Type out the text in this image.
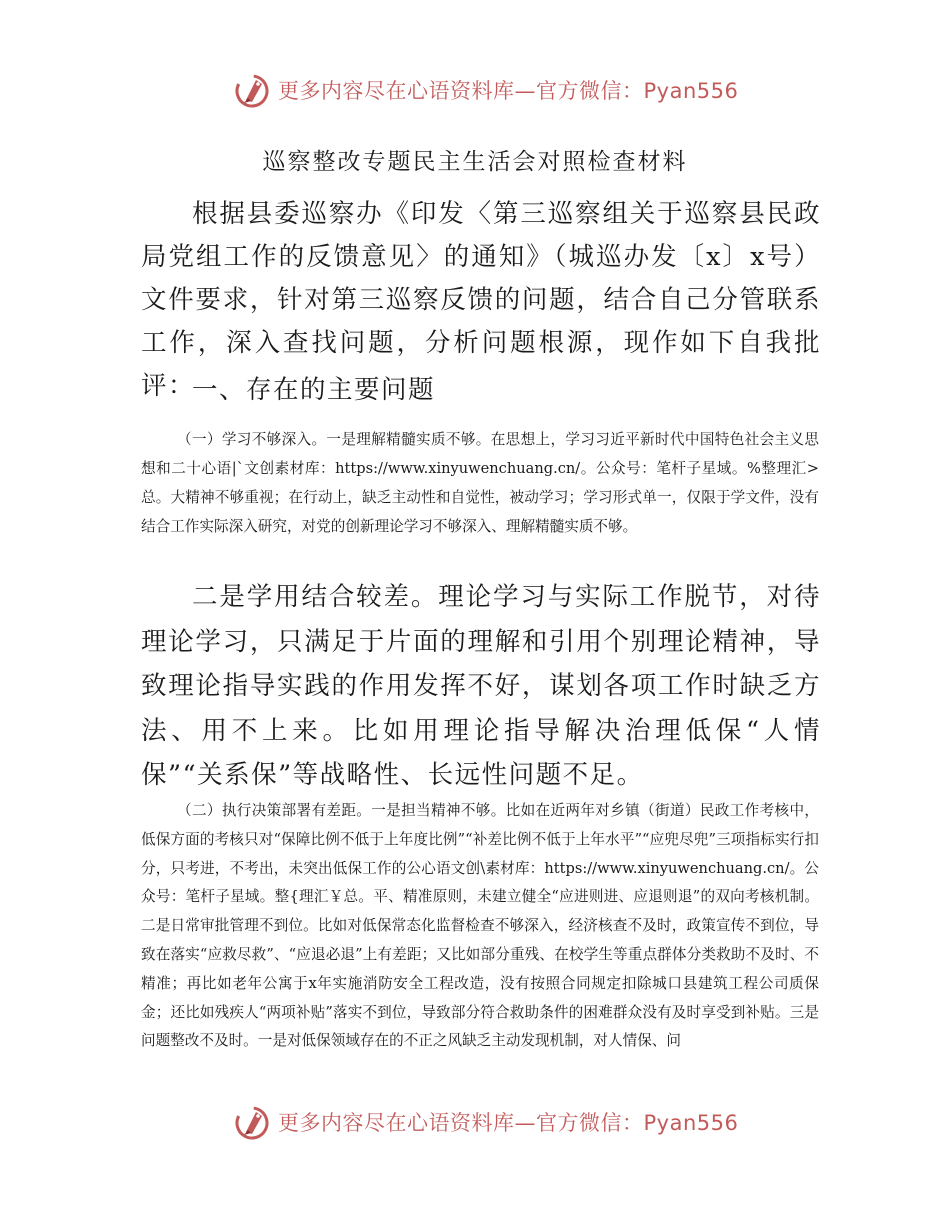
更多内容尽在心语资料库—官方微信：Pyan556
巡察整改专题民主生活会对照检查材料

根据县委巡察办《印发〈第三巡察组关于巡察县民政局党组工作的反馈意见〉的通知》（城巡办发〔x〕x号）文件要求，针对第三巡察反馈的问题，结合自己分管联系工作，深入查找问题，分析问题根源，现作如下自我批评：

一、存在的主要问题

（一）学习不够深入。一是理解精髓实质不够。在思想上，学习习近平新时代中国特色社会主义思想和二十心语|`文创素材库：https://www.xinyuwenchuang.cn/。公众号：笔杆子星域。%整理汇>总。大精神不够重视；在行动上，缺乏主动性和自觉性，被动学习；学习形式单一，仅限于学文件，没有结合工作实际深入研究，对党的创新理论学习不够深入、理解精髓实质不够。

二是学用结合较差。理论学习与实际工作脱节，对待理论学习，只满足于片面的理解和引用个别理论精神，导致理论指导实践的作用发挥不好，谋划各项工作时缺乏方法、用不上来。比如用理论指导解决治理低保“人情保”“关系保”等战略性、长远性问题不足。

（二）执行决策部署有差距。一是担当精神不够。比如在近两年对乡镇（街道）民政工作考核中，低保方面的考核只对“保障比例不低于上年度比例”“补差比例不低于上年水平”“应兜尽兜”三项指标实行扣分，只考进，不考出，未突出低保工作的公心语文创\素材库：https://www.xinyuwenchuang.cn/。公众号：笔杆子星域。整{理汇￥总。平、精准原则，未建立健全“应进则进、应退则退”的双向考核机制。二是日常审批管理不到位。比如对低保常态化监督检查不够深入，经济核查不及时，政策宣传不到位，导致在落实“应救尽救”、“应退必退”上有差距；又比如部分重残、在校学生等重点群体分类救助不及时、不精准；再比如老年公寓于x年实施消防安全工程改造，没有按照合同规定扣除城口县建筑工程公司质保金；还比如残疾人“两项补贴”落实不到位，导致部分符合救助条件的困难群众没有及时享受到补贴。三是问题整改不及时。一是对低保领域存在的不正之风缺乏主动发现机制，对人情保、问

更多内容尽在心语资料库—官方微信：Pyan556
